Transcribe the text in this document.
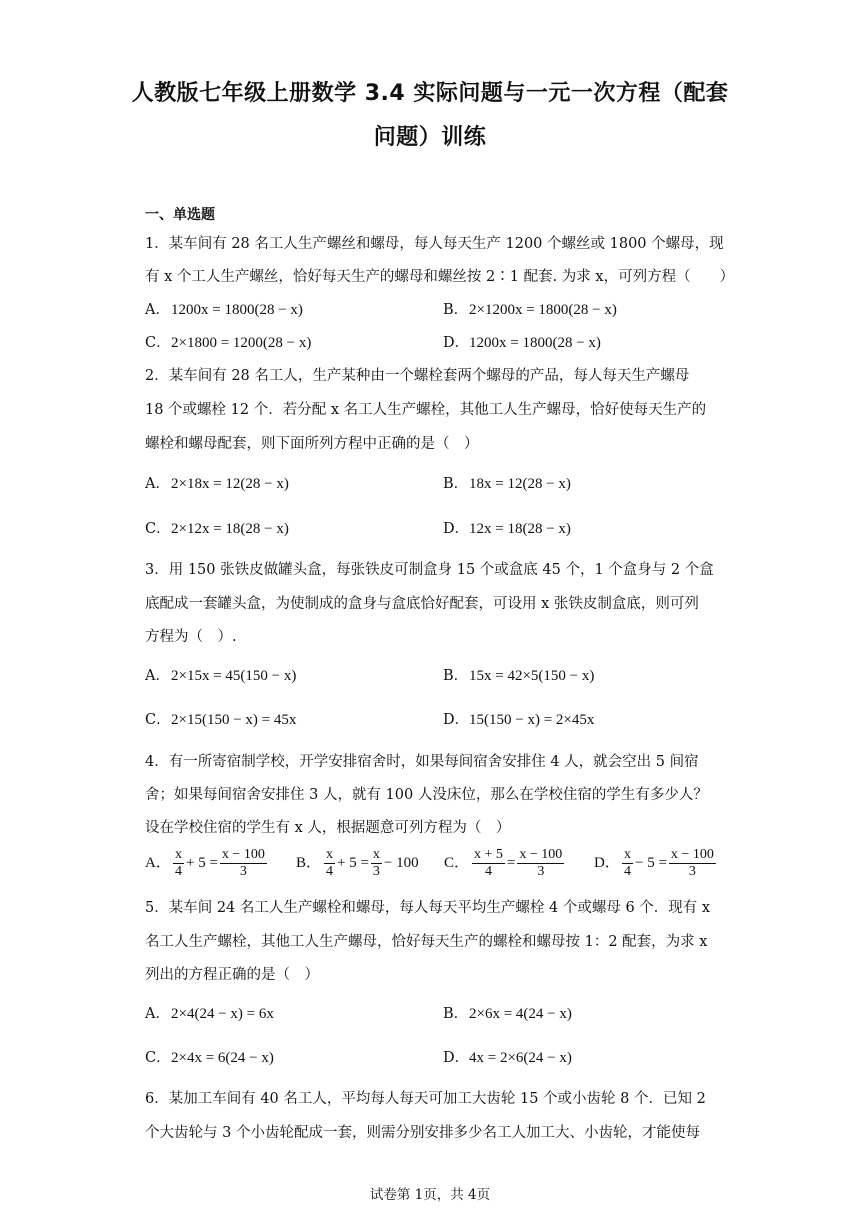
人教版七年级上册数学 3.4 实际问题与一元一次方程（配套
问题）训练
一、单选题
1．某车间有 28 名工人生产螺丝和螺母，每人每天生产 1200 个螺丝或 1800 个螺母，现
有 x 个工人生产螺丝，恰好每天生产的螺母和螺丝按 2∶1 配套. 为求 x，可列方程（　　）
A．1200x = 1800(28 − x)	B．2×1200x = 1800(28 − x)
C．2×1800 = 1200(28 − x)	D．1200x = 1800(28 − x)
2．某车间有 28 名工人，生产某种由一个螺栓套两个螺母的产品，每人每天生产螺母
18 个或螺栓 12 个．若分配 x 名工人生产螺栓，其他工人生产螺母，恰好使每天生产的
螺栓和螺母配套，则下面所列方程中正确的是（　）
A．2×18x = 12(28 − x)	B．18x = 12(28 − x)
C．2×12x = 18(28 − x)	D．12x = 18(28 − x)
3．用 150 张铁皮做罐头盒，每张铁皮可制盒身 15 个或盒底 45 个，1 个盒身与 2 个盒
底配成一套罐头盒，为使制成的盒身与盒底恰好配套，可设用 x 张铁皮制盒底，则可列
方程为（　）.
A．2×15x = 45(150 − x)	B．15x = 42×5(150 − x)
C．2×15(150 − x) = 45x	D．15(150 − x) = 2×45x
4．有一所寄宿制学校，开学安排宿舍时，如果每间宿舍安排住 4 人，就会空出 5 间宿
舍；如果每间宿舍安排住 3 人，就有 100 人没床位，那么在学校住宿的学生有多少人？
设在学校住宿的学生有 x 人，根据题意可列方程为（　）
A． $\frac{x}{4} + 5 = \frac{x - 100}{3}$ B． $\frac{x}{4} + 5 = \frac{x}{3} - 100$ C． $\frac{x + 5}{4} = \frac{x - 100}{3}$ D． $\frac{x}{4} - 5 = \frac{x - 100}{3}$
5．某车间 24 名工人生产螺栓和螺母，每人每天平均生产螺栓 4 个或螺母 6 个．现有 x
名工人生产螺栓，其他工人生产螺母，恰好每天生产的螺栓和螺母按 1：2 配套，为求 x
列出的方程正确的是（　）
A．2×4(24 − x) = 6x	B．2×6x = 4(24 − x)
C．2×4x = 6(24 − x)	D．4x = 2×6(24 − x)
6．某加工车间有 40 名工人，平均每人每天可加工大齿轮 15 个或小齿轮 8 个．已知 2
个大齿轮与 3 个小齿轮配成一套，则需分别安排多少名工人加工大、小齿轮，才能使每
试卷第 1页，共 4页
